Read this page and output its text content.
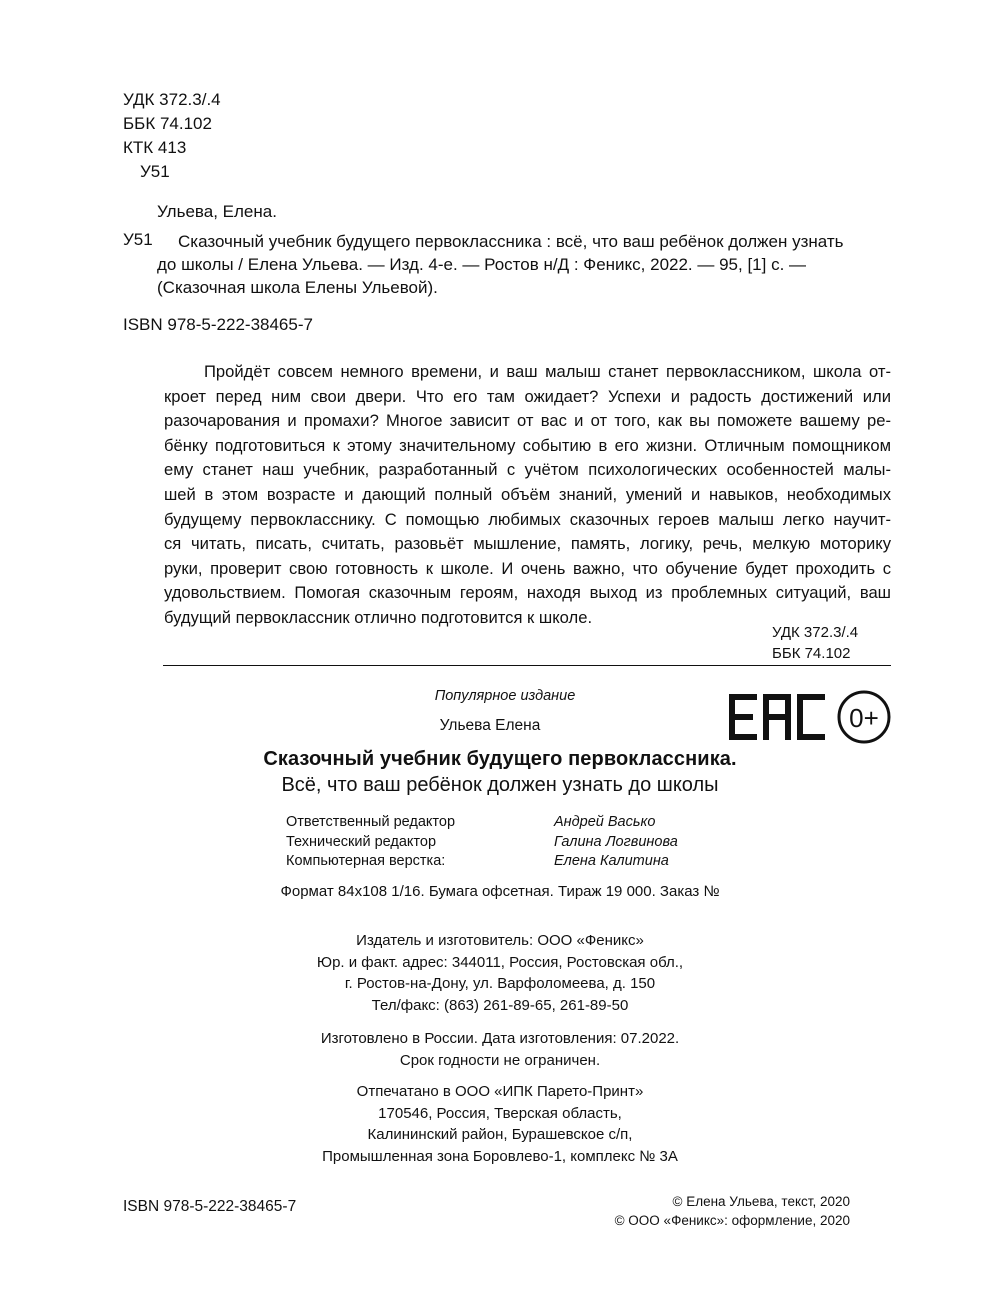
УДК 372.3/.4
ББК 74.102
КТК 413
У51
Ульева, Елена.
У51	Сказочный учебник будущего первоклассника : всё, что ваш ребёнок должен узнать
до школы / Елена Ульева. — Изд. 4-е. — Ростов н/Д : Феникс, 2022. — 95, [1] с. —
(Сказочная школа Елены Ульевой).
ISBN 978-5-222-38465-7
Пройдёт совсем немного времени, и ваш малыш станет первоклассником, школа от-
кроет перед ним свои двери. Что его там ожидает? Успехи и радость достижений или
разочарования и промахи? Многое зависит от вас и от того, как вы поможете вашему ре-
бёнку подготовиться к этому значительному событию в его жизни. Отличным помощником
ему станет наш учебник, разработанный с учётом психологических особенностей малы-
шей в этом возрасте и дающий полный объём знаний, умений и навыков, необходимых
будущему первокласснику. С помощью любимых сказочных героев малыш легко научит-
ся читать, писать, считать, разовьёт мышление, память, логику, речь, мелкую моторику
руки, проверит свою готовность к школе. И очень важно, что обучение будет проходить с
удовольствием. Помогая сказочным героям, находя выход из проблемных ситуаций, ваш
будущий первоклассник отлично подготовится к школе.
УДК 372.3/.4
ББК 74.102
Популярное издание
Ульева Елена	0+
Сказочный учебник будущего первоклассника.
Всё, что ваш ребёнок должен узнать до школы
Ответственный редактор	Андрей Васько
Технический редактор	Галина Логвинова
Компьютерная верстка:	Елена Калитина
Формат 84x108 1/16. Бумага офсетная. Тираж 19 000. Заказ №
Издатель и изготовитель: ООО «Феникс»
Юр. и факт. адрес: 344011, Россия, Ростовская обл.,
г. Ростов-на-Дону, ул. Варфоломеева, д. 150
Тел/факс: (863) 261-89-65, 261-89-50
Изготовлено в России. Дата изготовления: 07.2022.
Срок годности не ограничен.
Отпечатано в ООО «ИПК Парето-Принт»
170546, Россия, Тверская область,
Калининский район, Бурашевское с/п,
Промышленная зона Боровлево-1, комплекс № 3А
ISBN 978-5-222-38465-7	© Елена Ульева, текст, 2020
© ООО «Феникс»: оформление, 2020
